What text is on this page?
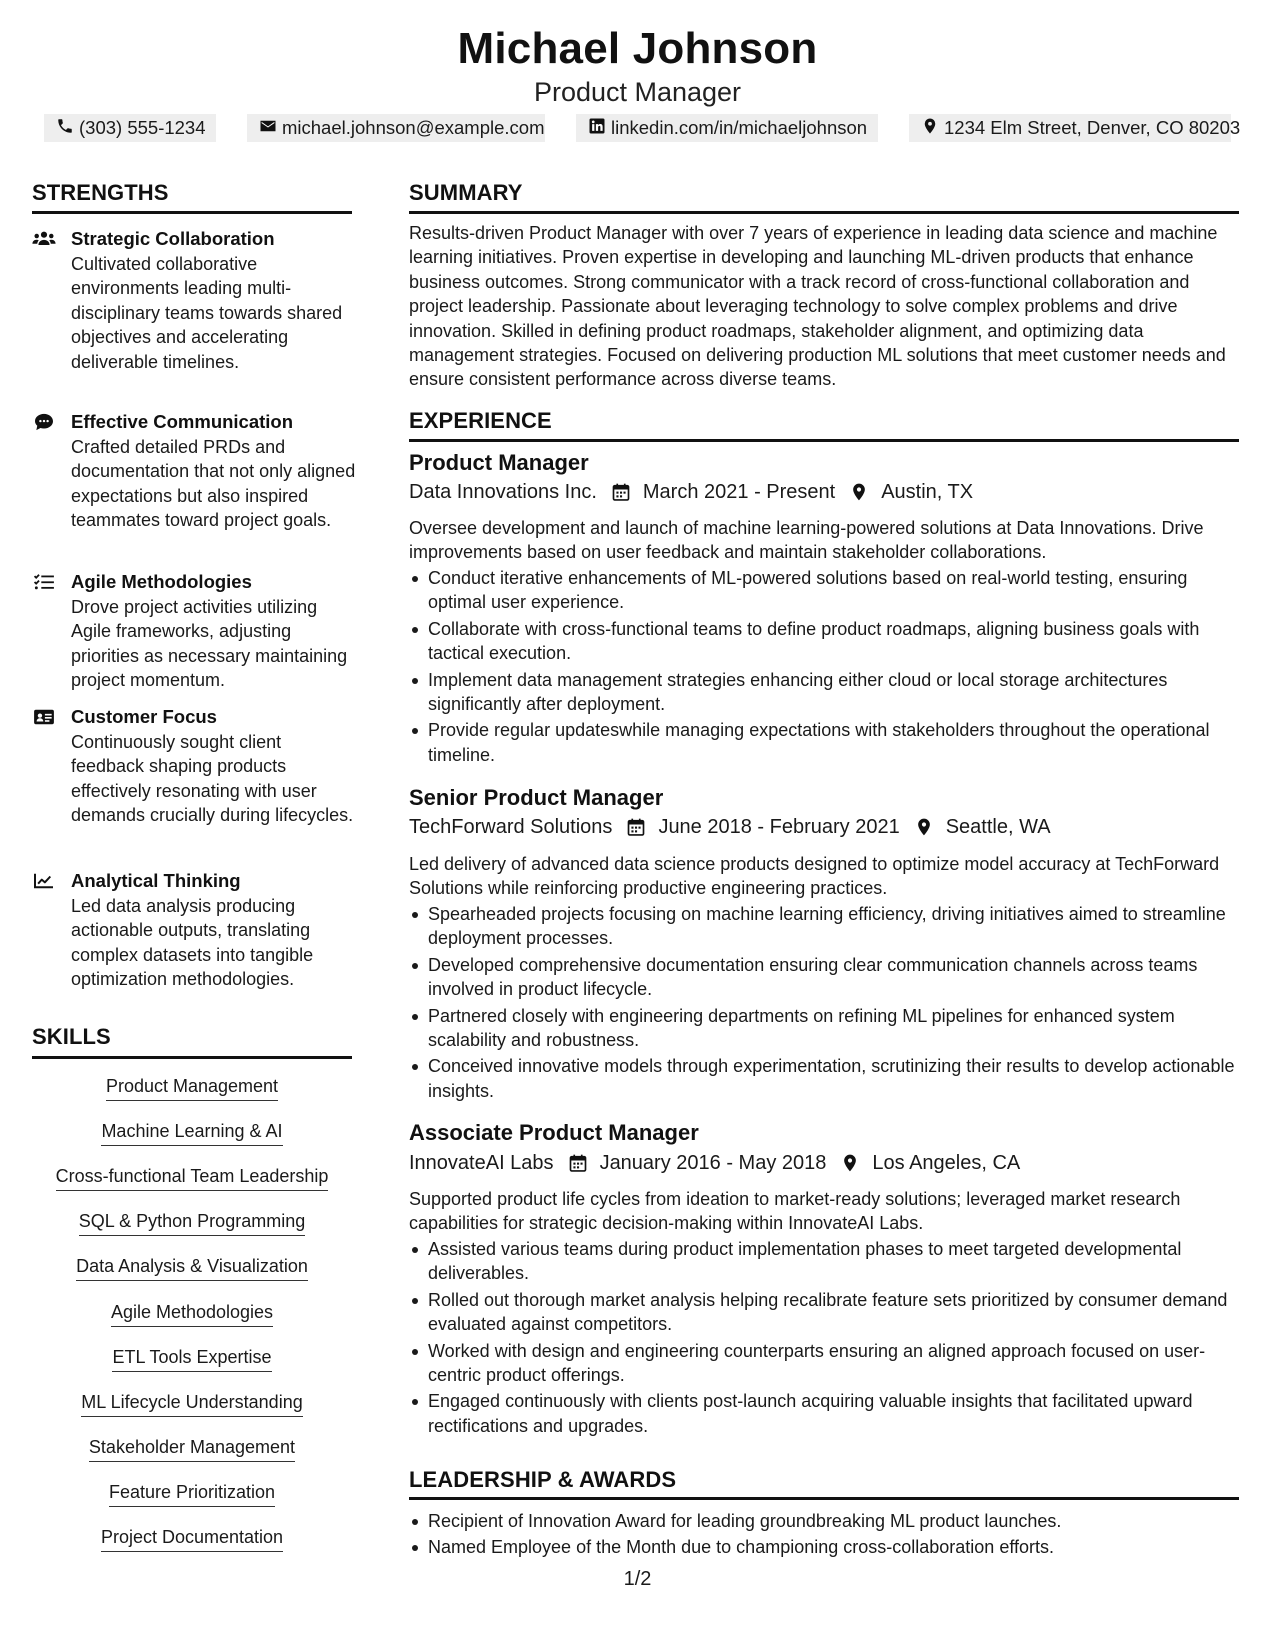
Michael Johnson
Product Manager
(303) 555-1234	michael.johnson@example.com	linkedin.com/in/michaeljohnson	1234 Elm Street, Denver, CO 80203
STRENGTHS
Strategic Collaboration
Cultivated collaborative environments leading multi-disciplinary teams towards shared objectives and accelerating deliverable timelines.
Effective Communication
Crafted detailed PRDs and documentation that not only aligned expectations but also inspired teammates toward project goals.
Agile Methodologies
Drove project activities utilizing Agile frameworks, adjusting priorities as necessary maintaining project momentum.
Customer Focus
Continuously sought client feedback shaping products effectively resonating with user demands crucially during lifecycles.
Analytical Thinking
Led data analysis producing actionable outputs, translating complex datasets into tangible optimization methodologies.
SKILLS
Product Management
Machine Learning & AI
Cross-functional Team Leadership
SQL & Python Programming
Data Analysis & Visualization
Agile Methodologies
ETL Tools Expertise
ML Lifecycle Understanding
Stakeholder Management
Feature Prioritization
Project Documentation
SUMMARY
Results-driven Product Manager with over 7 years of experience in leading data science and machine learning initiatives. Proven expertise in developing and launching ML-driven products that enhance business outcomes. Strong communicator with a track record of cross-functional collaboration and project leadership. Passionate about leveraging technology to solve complex problems and drive innovation. Skilled in defining product roadmaps, stakeholder alignment, and optimizing data management strategies. Focused on delivering production ML solutions that meet customer needs and ensure consistent performance across diverse teams.
EXPERIENCE
Product Manager
Data Innovations Inc. March 2021 - Present Austin, TX
Oversee development and launch of machine learning-powered solutions at Data Innovations. Drive improvements based on user feedback and maintain stakeholder collaborations.
Conduct iterative enhancements of ML-powered solutions based on real-world testing, ensuring optimal user experience.
Collaborate with cross-functional teams to define product roadmaps, aligning business goals with tactical execution.
Implement data management strategies enhancing either cloud or local storage architectures significantly after deployment.
Provide regular updateswhile managing expectations with stakeholders throughout the operational timeline.
Senior Product Manager
TechForward Solutions June 2018 - February 2021 Seattle, WA
Led delivery of advanced data science products designed to optimize model accuracy at TechForward Solutions while reinforcing productive engineering practices.
Spearheaded projects focusing on machine learning efficiency, driving initiatives aimed to streamline deployment processes.
Developed comprehensive documentation ensuring clear communication channels across teams involved in product lifecycle.
Partnered closely with engineering departments on refining ML pipelines for enhanced system scalability and robustness.
Conceived innovative models through experimentation, scrutinizing their results to develop actionable insights.
Associate Product Manager
InnovateAI Labs January 2016 - May 2018 Los Angeles, CA
Supported product life cycles from ideation to market-ready solutions; leveraged market research capabilities for strategic decision-making within InnovateAI Labs.
Assisted various teams during product implementation phases to meet targeted developmental deliverables.
Rolled out thorough market analysis helping recalibrate feature sets prioritized by consumer demand evaluated against competitors.
Worked with design and engineering counterparts ensuring an aligned approach focused on user-centric product offerings.
Engaged continuously with clients post-launch acquiring valuable insights that facilitated upward rectifications and upgrades.
LEADERSHIP & AWARDS
Recipient of Innovation Award for leading groundbreaking ML product launches.
Named Employee of the Month due to championing cross-collaboration efforts.
1/2
